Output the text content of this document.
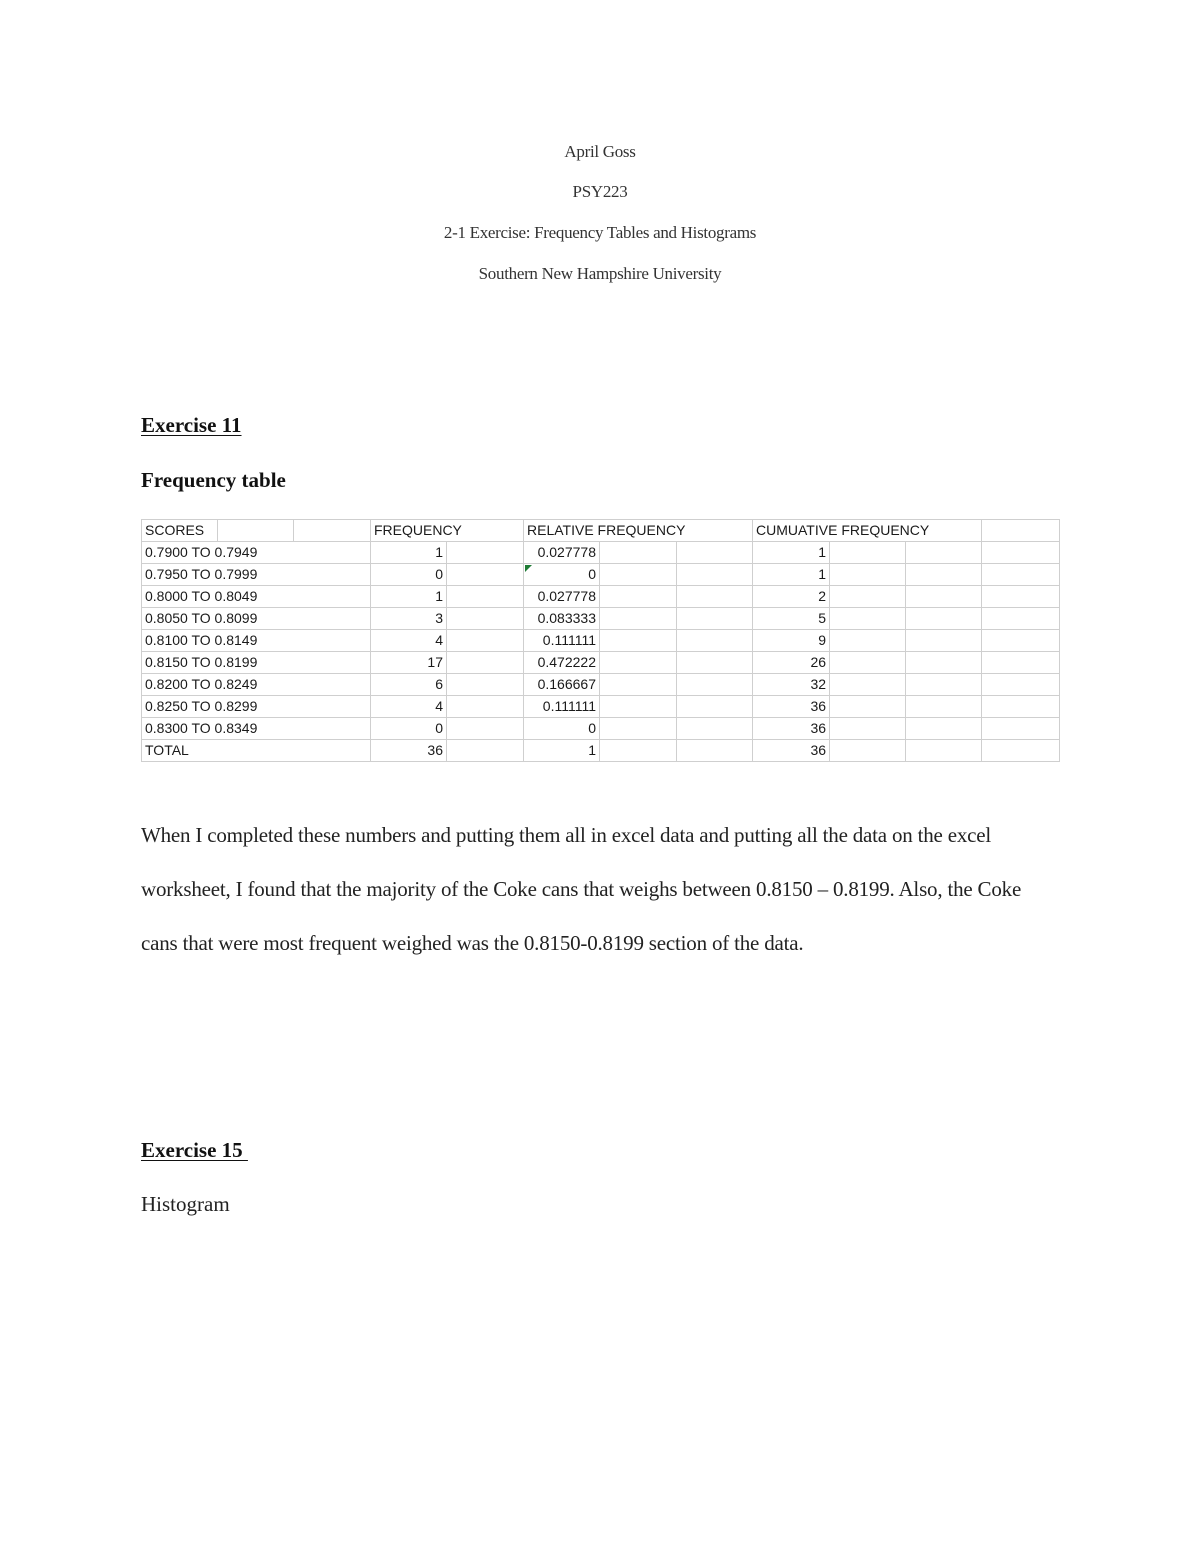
April Goss
PSY223
2-1 Exercise: Frequency Tables and Histograms
Southern New Hampshire University
Exercise 11
Frequency table
SCORES			FREQUENCY		RELATIVE FREQUENCY			CUMUATIVE FREQUENCY			
0.7900 TO 0.7949			1		0.027778			1			
0.7950 TO 0.7999			0		0			1			
0.8000 TO 0.8049			1		0.027778			2			
0.8050 TO 0.8099			3		0.083333			5			
0.8100 TO 0.8149			4		0.111111			9			
0.8150 TO 0.8199			17		0.472222			26			
0.8200 TO 0.8249			6		0.166667			32			
0.8250 TO 0.8299			4		0.111111			36			
0.8300 TO 0.8349			0		0			36			
TOTAL			36		1			36			
When I completed these numbers and putting them all in excel data and putting all the data on the excel worksheet, I found that the majority of the Coke cans that weighs between 0.8150 – 0.8199. Also, the Coke cans that were most frequent weighed was the 0.8150-0.8199 section of the data.
Exercise 15
Histogram
